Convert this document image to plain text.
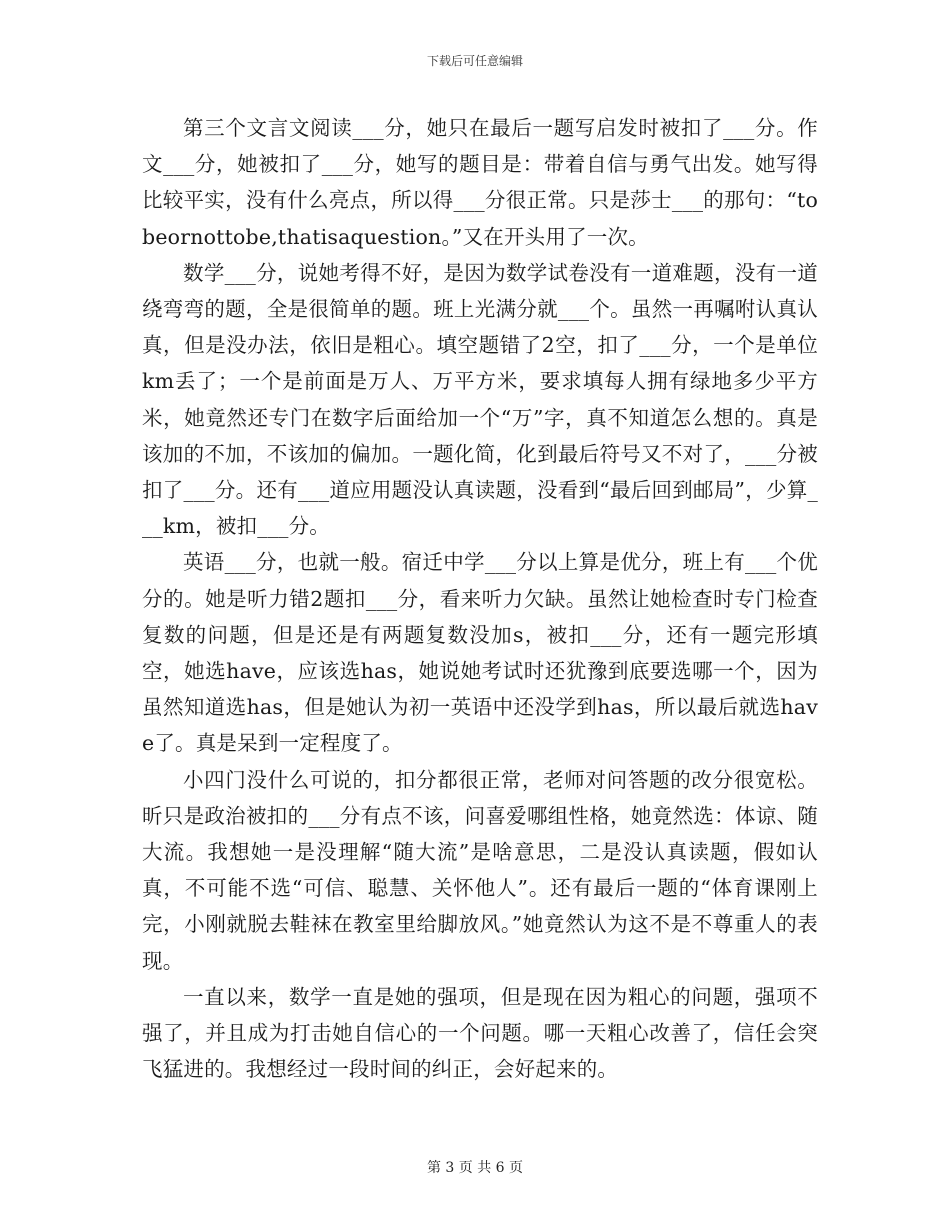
下载后可任意编辑

第三个文言文阅读___分，她只在最后一题写启发时被扣了___分。作文___分，她被扣了___分，她写的题目是：带着自信与勇气出发。她写得比较平实，没有什么亮点，所以得___分很正常。只是莎士___的那句：“tobeornottobe,thatisaquestion。”又在开头用了一次。

数学___分，说她考得不好，是因为数学试卷没有一道难题，没有一道绕弯弯的题，全是很简单的题。班上光满分就___个。虽然一再嘱咐认真认真，但是没办法，依旧是粗心。填空题错了2空，扣了___分，一个是单位km丢了；一个是前面是万人、万平方米，要求填每人拥有绿地多少平方米，她竟然还专门在数字后面给加一个“万”字，真不知道怎么想的。真是该加的不加，不该加的偏加。一题化简，化到最后符号又不对了，___分被扣了___分。还有___道应用题没认真读题，没看到“最后回到邮局”，少算___km，被扣___分。

英语___分，也就一般。宿迁中学___分以上算是优分，班上有___个优分的。她是听力错2题扣___分，看来听力欠缺。虽然让她检查时专门检查复数的问题，但是还是有两题复数没加s，被扣___分，还有一题完形填空，她选have，应该选has，她说她考试时还犹豫到底要选哪一个，因为虽然知道选has，但是她认为初一英语中还没学到has，所以最后就选have了。真是呆到一定程度了。

小四门没什么可说的，扣分都很正常，老师对问答题的改分很宽松。昕只是政治被扣的___分有点不该，问喜爱哪组性格，她竟然选：体谅、随大流。我想她一是没理解“随大流”是啥意思，二是没认真读题，假如认真，不可能不选“可信、聪慧、关怀他人”。还有最后一题的“体育课刚上完，小刚就脱去鞋袜在教室里给脚放风。”她竟然认为这不是不尊重人的表现。

一直以来，数学一直是她的强项，但是现在因为粗心的问题，强项不强了，并且成为打击她自信心的一个问题。哪一天粗心改善了，信任会突飞猛进的。我想经过一段时间的纠正，会好起来的。

第 3 页 共 6 页
